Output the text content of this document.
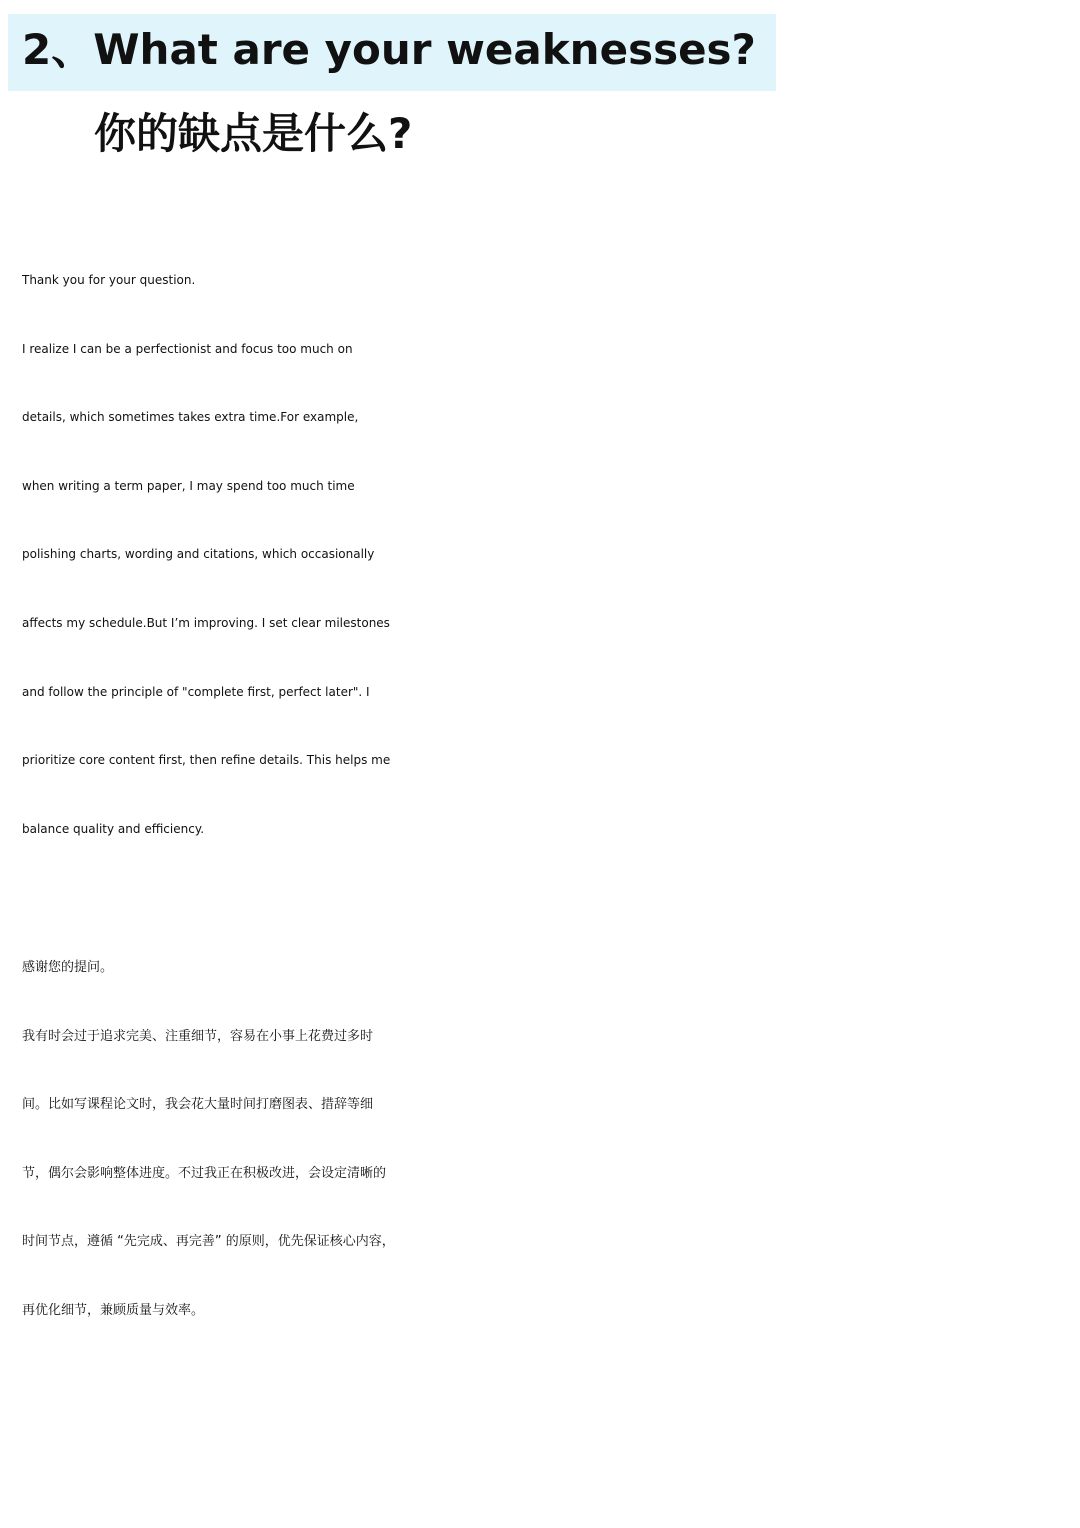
2、What are your weaknesses?
你的缺点是什么?
Thank you for your question.
I realize I can be a perfectionist and focus too much on
details, which sometimes takes extra time.For example,
when writing a term paper, I may spend too much time
polishing charts, wording and citations, which occasionally
affects my schedule.But I’m improving. I set clear milestones
and follow the principle of "complete first, perfect later". I
prioritize core content first, then refine details. This helps me
balance quality and efficiency.
感谢您的提问。
我有时会过于追求完美、注重细节，容易在小事上花费过多时
间。比如写课程论文时，我会花大量时间打磨图表、措辞等细
节，偶尔会影响整体进度。不过我正在积极改进，会设定清晰的
时间节点，遵循 “先完成、再完善” 的原则，优先保证核心内容，
再优化细节，兼顾质量与效率。
